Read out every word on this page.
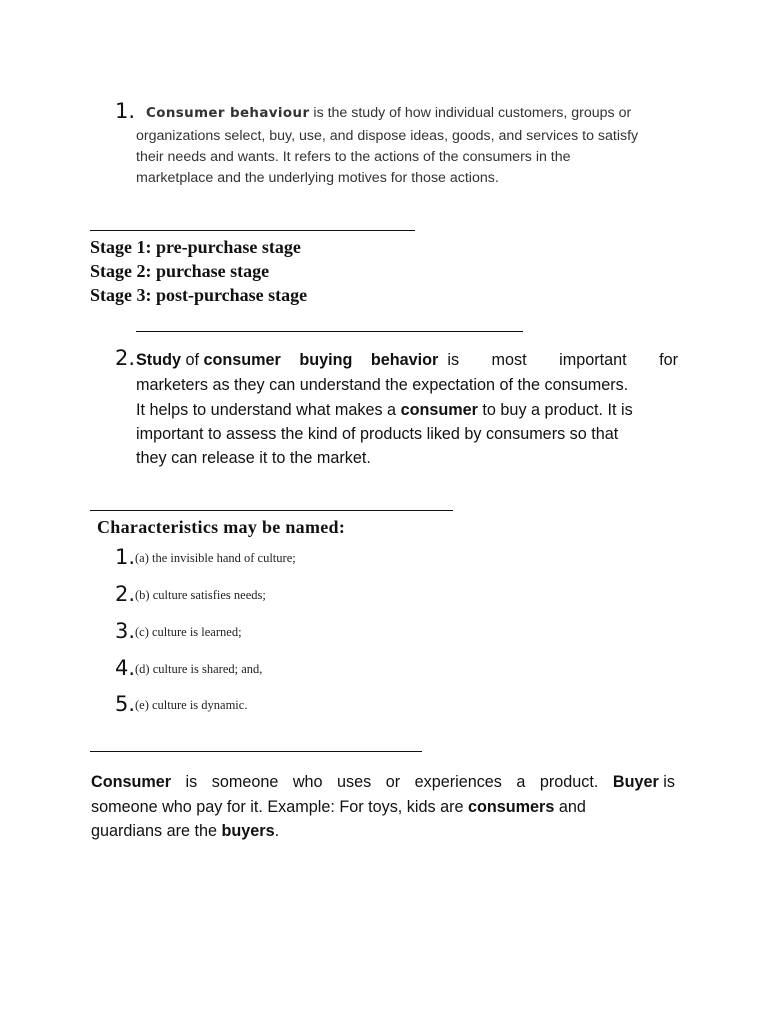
1. Consumer behaviour is the study of how individual customers, groups or
organizations select, buy, use, and dispose ideas, goods, and services to satisfy
their needs and wants. It refers to the actions of the consumers in the
marketplace and the underlying motives for those actions.
Stage 1: pre-purchase stage
Stage 2: purchase stage
Stage 3: post-purchase stage
2. Study of consumer buying behavior is most important for
marketers as they can understand the expectation of the consumers.
It helps to understand what makes a consumer to buy a product. It is
important to assess the kind of products liked by consumers so that
they can release it to the market.
Characteristics may be named:
1. (a) the invisible hand of culture;
2. (b) culture satisfies needs;
3. (c) culture is learned;
4. (d) culture is shared; and,
5. (e) culture is dynamic.
Consumer is someone who uses or experiences a product. Buyer is
someone who pay for it. Example: For toys, kids are consumers and
guardians are the buyers.
